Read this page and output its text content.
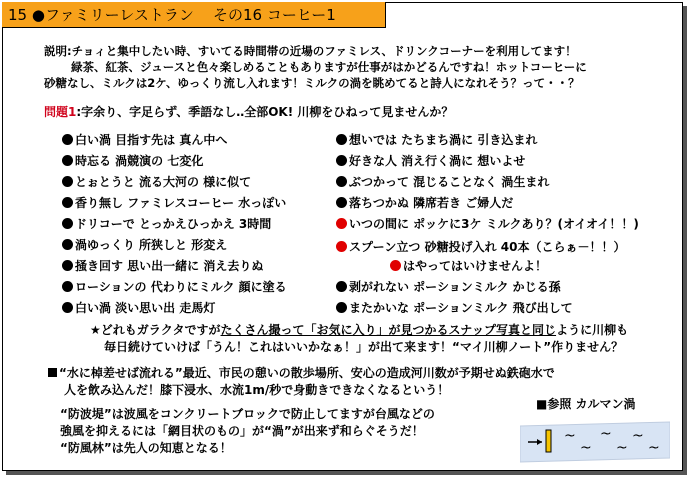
15 ●ファミリーレストラン その16 コーヒー1
説明:チョィと集中したい時、すいてる時間帯の近場のファミレス、ドリンクコーナーを利用してます！
緑茶、紅茶、ジュースと色々楽しめることもありますが仕事がはかどるんですね！ホットコーヒーに
砂糖なし、ミルクは2ケ、ゆっくり流し入れます！ミルクの渦を眺めてると詩人になれそう？って・・？
問題1:字余り、字足らず、季語なし‥全部OK! 川柳をひねって見ませんか？
白い渦 目指す先は 真ん中へ
時忘る 渦競演の 七変化
とぉとうと 流る大河の 様に似て
香り無し ファミレスコーヒー 水っぽい
ドリコーで とっかえひっかえ 3時間
渦ゆっくり 所狭しと 形変え
掻き回す 思い出一緒に 消え去りぬ
ローションの 代わりにミルク 顔に塗る
白い渦 淡い思い出 走馬灯
想いでは たちまち渦に 引き込まれ
好きな人 消え行く渦に 想いよせ
ぶつかって 混じることなく 渦生まれ
落ちつかぬ 隣席若き ご婦人だ
いつの間に ポッケに3ケ ミルクあり？(オイオイ！！)
スプーン立つ 砂糖投げ入れ 40本（こらぁ－！！）
はやってはいけませんよ！
剥がれない ポーションミルク かじる孫
またかいな ポーションミルク 飛び出して
★どれもガラクタですがたくさん撮って「お気に入り」が見つかるスナップ写真と同じように川柳も
毎日続けていけば「うん！これはいいかなぁ！」が出て来ます！“マイ川柳ノート”作りません？
“水に棹差せば流れる”最近、市民の憩いの散歩場所、安心の造成河川数が予期せぬ鉄砲水で
人を飲み込んだ！膝下浸水、水流1m/秒で身動きできなくなるという！
“防波堤”は波風をコンクリートブロックで防止してますが台風などの
強風を抑えるには「網目状のもの」が“渦”が出来ず和らぐそうだ！
“防風林”は先人の知恵となる！
■参照 カルマン渦
~
~
~
~
~
~
